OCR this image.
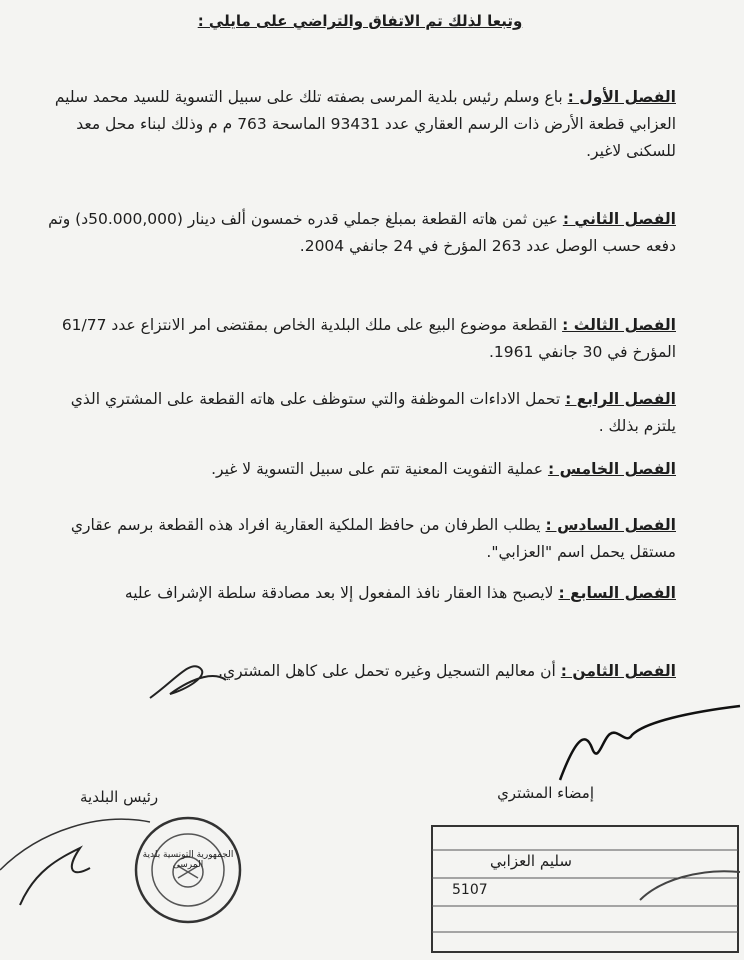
وتبعا لذلك تم الاتفاق والتراضي على مايلي :
الفصل الأول : باع وسلم رئيس بلدية المرسى بصفته تلك على سبيل التسوية للسيد محمد سليم العزابي قطعة الأرض ذات الرسم العقاري عدد 93431 الماسحة 763 م م وذلك لبناء محل معد للسكنى لاغير.
الفصل الثاني : عين ثمن هاته القطعة بمبلغ جملي قدره خمسون ألف دينار (50.000,000د) وتم دفعه حسب الوصل عدد 263 المؤرخ في 24 جانفي 2004.
الفصل الثالث : القطعة موضوع البيع على ملك البلدية الخاص بمقتضى امر الانتزاع عدد 61/77 المؤرخ في 30 جانفي 1961.
الفصل الرابع : تحمل الاداءات الموظفة والتي ستوظف على هاته القطعة على المشتري الذي يلتزم بذلك .
الفصل الخامس : عملية التفويت المعنية تتم على سبيل التسوية لا غير.
الفصل السادس : يطلب الطرفان من حافظ الملكية العقارية افراد هذه القطعة برسم عقاري مستقل يحمل اسم "العزابي".
الفصل السابع : لايصبح هذا العقار نافذ المفعول إلا بعد مصادقة سلطة الإشراف عليه
الفصل الثامن : أن معاليم التسجيل وغيره تحمل على كاهل المشتري.
إمضاء المشتري
رئيس البلدية
الجمهورية التونسية بلدية المرسى	سليم العزابي
5107
